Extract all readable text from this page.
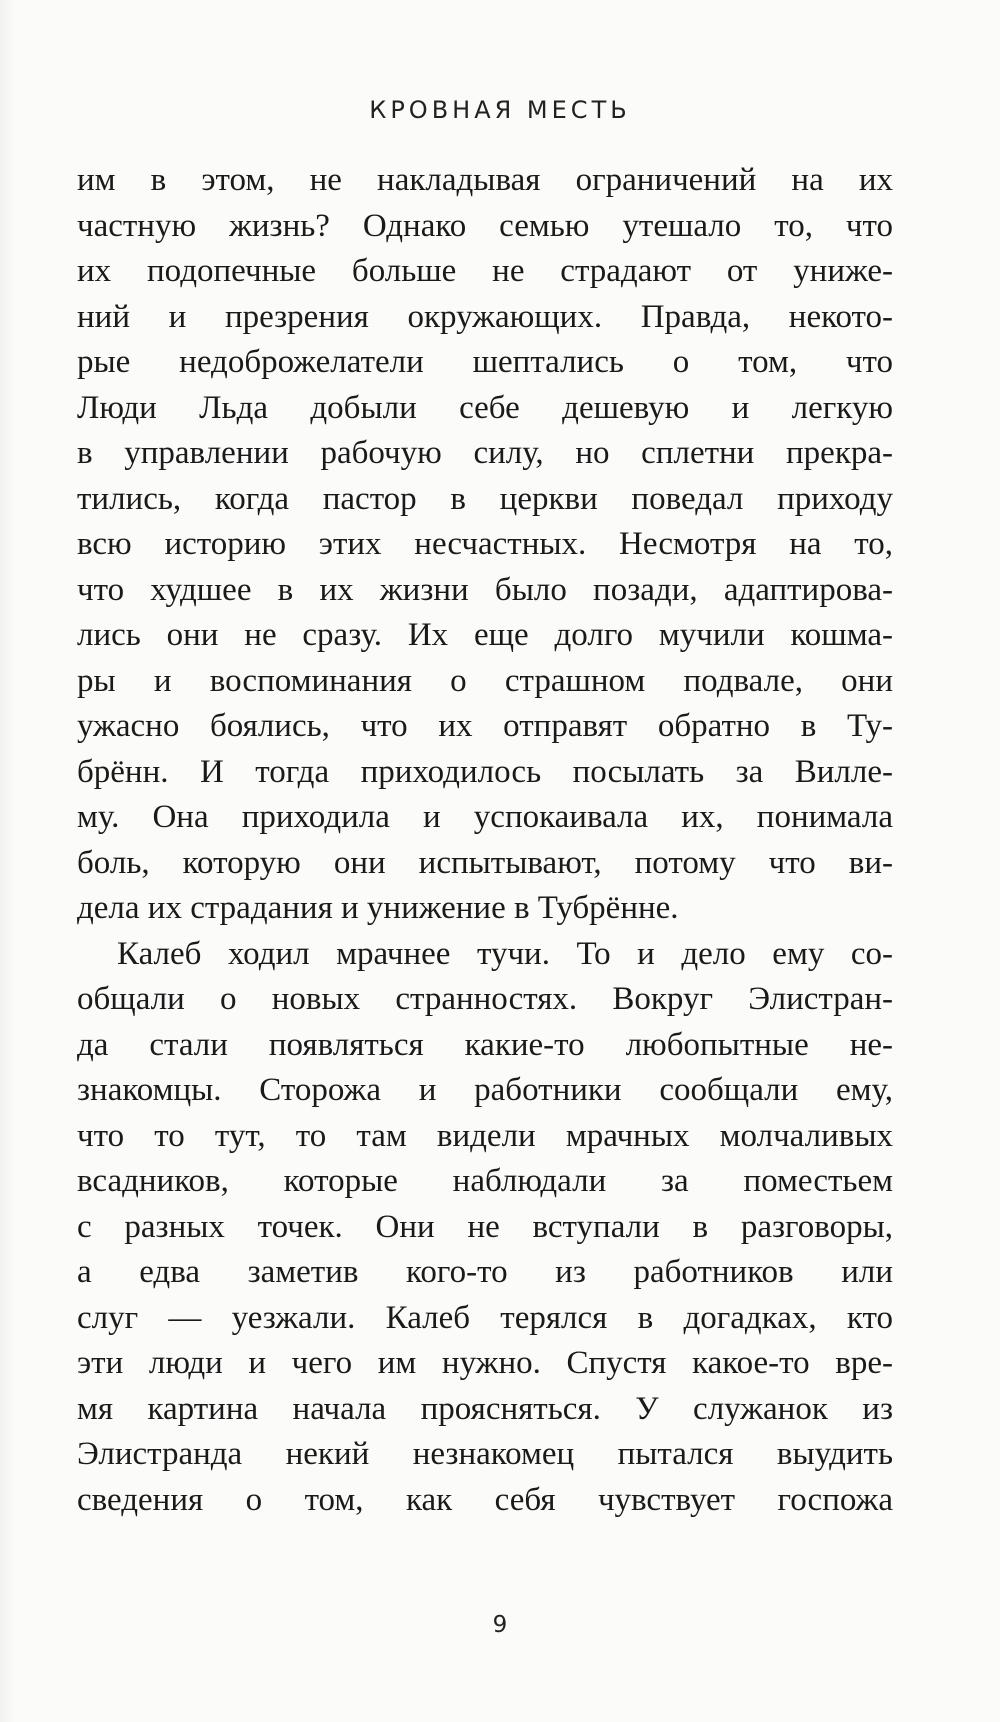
КРОВНАЯ МЕСТЬ
им в этом, не накладывая ограничений на их
частную жизнь? Однако семью утешало то, что
их подопечные больше не страдают от униже-
ний и презрения окружающих. Правда, некото-
рые недоброжелатели шептались о том, что
Люди Льда добыли себе дешевую и легкую
в управлении рабочую силу, но сплетни прекра-
тились, когда пастор в церкви поведал приходу
всю историю этих несчастных. Несмотря на то,
что худшее в их жизни было позади, адаптирова-
лись они не сразу. Их еще долго мучили кошма-
ры и воспоминания о страшном подвале, они
ужасно боялись, что их отправят обратно в Ту-
брённ. И тогда приходилось посылать за Вилле-
му. Она приходила и успокаивала их, понимала
боль, которую они испытывают, потому что ви-
дела их страдания и унижение в Тубрённе.
Калеб ходил мрачнее тучи. То и дело ему со-
общали о новых странностях. Вокруг Элистран-
да стали появляться какие-то любопытные не-
знакомцы. Сторожа и работники сообщали ему,
что то тут, то там видели мрачных молчаливых
всадников, которые наблюдали за поместьем
с разных точек. Они не вступали в разговоры,
а едва заметив кого-то из работников или
слуг — уезжали. Калеб терялся в догадках, кто
эти люди и чего им нужно. Спустя какое-то вре-
мя картина начала проясняться. У служанок из
Элистранда некий незнакомец пытался выудить
сведения о том, как себя чувствует госпожа
9
